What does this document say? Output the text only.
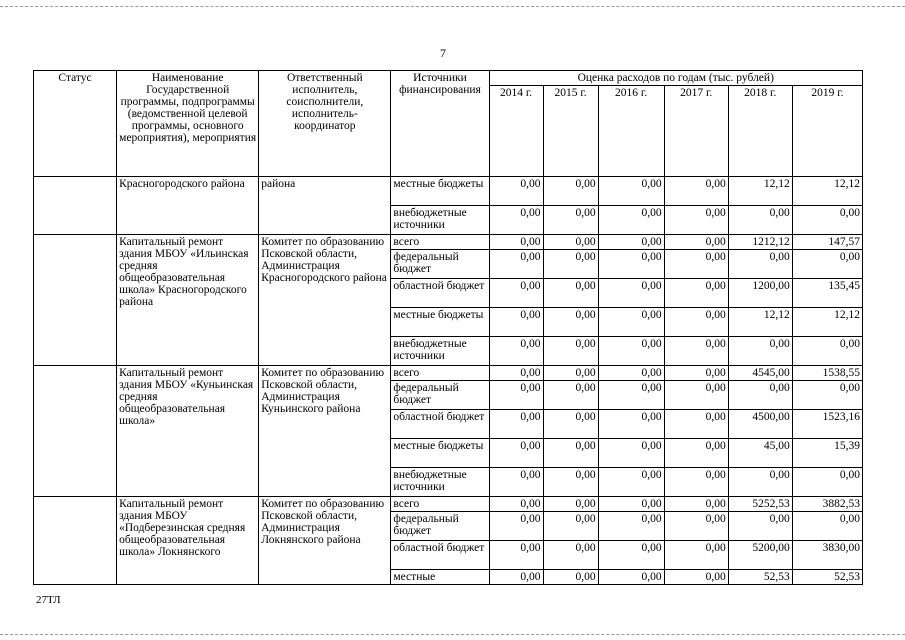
7
Статус	Наименование Государственной программы, подпрограммы (ведомственной целевой программы, основного мероприятия), мероприятия	Ответственный исполнитель, соисполнители, исполнитель-координатор	Источники финансирования	Оценка расходов по годам (тыс. рублей)					
				2014 г.	2015 г.	2016 г.	2017 г.	2018 г.	2019 г.
	Красногородского района	района	местные бюджеты	0,00	0,00	0,00	0,00	12,12	12,12
			внебюджетные источники	0,00	0,00	0,00	0,00	0,00	0,00
	Капитальный ремонт здания МБОУ «Ильинская средняя общеобразовательная школа» Красногородского района	Комитет по образованию Псковской области, Администрация Красногородского района	всего	0,00	0,00	0,00	0,00	1212,12	147,57
			федеральный бюджет	0,00	0,00	0,00	0,00	0,00	0,00
			областной бюджет	0,00	0,00	0,00	0,00	1200,00	135,45
			местные бюджеты	0,00	0,00	0,00	0,00	12,12	12,12
			внебюджетные источники	0,00	0,00	0,00	0,00	0,00	0,00
	Капитальный ремонт здания МБОУ «Куньинская средняя общеобразовательная школа»	Комитет по образованию Псковской области, Администрация Куньинского района	всего	0,00	0,00	0,00	0,00	4545,00	1538,55
			федеральный бюджет	0,00	0,00	0,00	0,00	0,00	0,00
			областной бюджет	0,00	0,00	0,00	0,00	4500,00	1523,16
			местные бюджеты	0,00	0,00	0,00	0,00	45,00	15,39
			внебюджетные источники	0,00	0,00	0,00	0,00	0,00	0,00
	Капитальный ремонт здания МБОУ «Подберезинская средняя общеобразовательная школа» Локнянского	Комитет по образованию Псковской области, Администрация Локнянского района	всего	0,00	0,00	0,00	0,00	5252,53	3882,53
			федеральный бюджет	0,00	0,00	0,00	0,00	0,00	0,00
			областной бюджет	0,00	0,00	0,00	0,00	5200,00	3830,00
			местные	0,00	0,00	0,00	0,00	52,53	52,53
27ТЛ
